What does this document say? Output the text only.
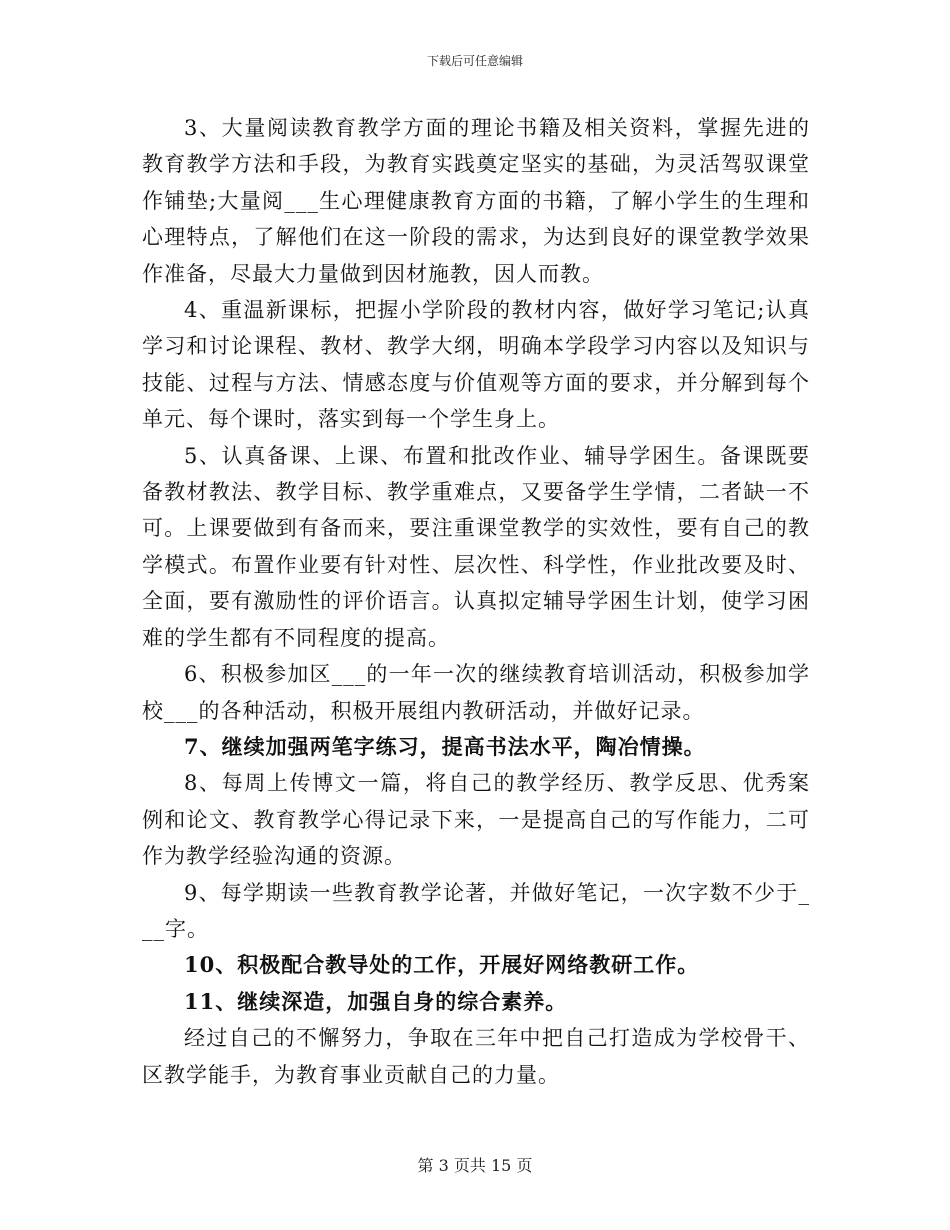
下载后可任意编辑

3、大量阅读教育教学方面的理论书籍及相关资料，掌握先进的教育教学方法和手段，为教育实践奠定坚实的基础，为灵活驾驭课堂作铺垫;大量阅___生心理健康教育方面的书籍，了解小学生的生理和心理特点，了解他们在这一阶段的需求，为达到良好的课堂教学效果作准备，尽最大力量做到因材施教，因人而教。

4、重温新课标，把握小学阶段的教材内容，做好学习笔记;认真学习和讨论课程、教材、教学大纲，明确本学段学习内容以及知识与技能、过程与方法、情感态度与价值观等方面的要求，并分解到每个单元、每个课时，落实到每一个学生身上。

5、认真备课、上课、布置和批改作业、辅导学困生。备课既要备教材教法、教学目标、教学重难点，又要备学生学情，二者缺一不可。上课要做到有备而来，要注重课堂教学的实效性，要有自己的教学模式。布置作业要有针对性、层次性、科学性，作业批改要及时、全面，要有激励性的评价语言。认真拟定辅导学困生计划，使学习困难的学生都有不同程度的提高。

6、积极参加区___的一年一次的继续教育培训活动，积极参加学校___的各种活动，积极开展组内教研活动，并做好记录。

7、继续加强两笔字练习，提高书法水平，陶冶情操。

8、每周上传博文一篇，将自己的教学经历、教学反思、优秀案例和论文、教育教学心得记录下来，一是提高自己的写作能力，二可作为教学经验沟通的资源。

9、每学期读一些教育教学论著，并做好笔记，一次字数不少于___字。

10、积极配合教导处的工作，开展好网络教研工作。

11、继续深造，加强自身的综合素养。

经过自己的不懈努力，争取在三年中把自己打造成为学校骨干、区教学能手，为教育事业贡献自己的力量。

第 3 页共 15 页
